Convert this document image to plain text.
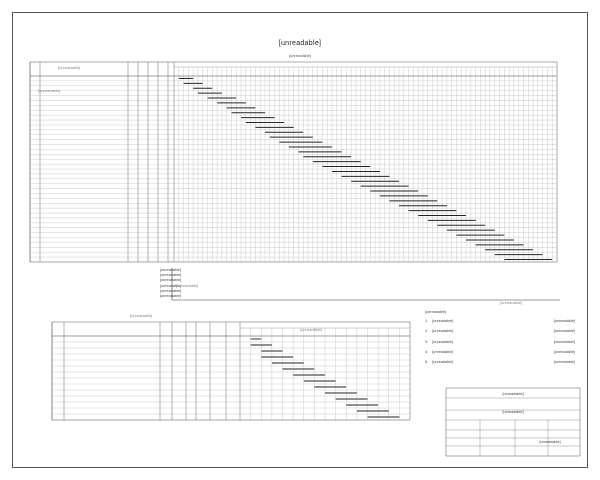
[unreadable]
[unreadable]
[unreadable]
[unreadable]
[unreadable]
[unreadable]
[unreadable]
[unreadable]
[unreadable]
[unreadable]
[unreadable]
[unreadable]
[unreadable]
[unreadable]
[unreadable]
1. [unreadable]	[unreadable]
2. [unreadable]	[unreadable]
3. [unreadable]	[unreadable]
4. [unreadable]	[unreadable]
5. [unreadable]	[unreadable]
[unreadable]
[unreadable]
[unreadable]
